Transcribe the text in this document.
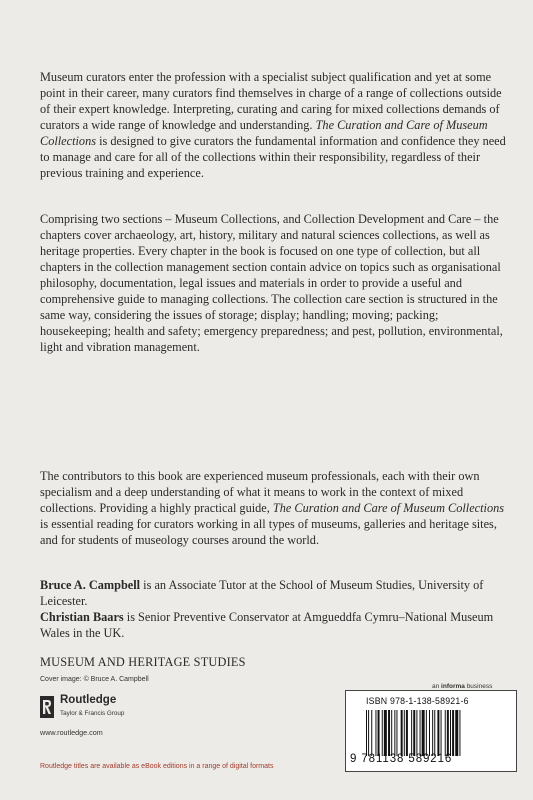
Museum curators enter the profession with a specialist subject qualification and yet at some point in their career, many curators find themselves in charge of a range of collections outside of their expert knowledge. Interpreting, curating and caring for mixed collections demands of curators a wide range of knowledge and understanding. The Curation and Care of Museum Collections is designed to give curators the fundamental information and confidence they need to manage and care for all of the collections within their responsibility, regardless of their previous training and experience.

Comprising two sections – Museum Collections, and Collection Development and Care – the chapters cover archaeology, art, history, military and natural sciences collections, as well as heritage properties. Every chapter in the book is focused on one type of collection, but all chapters in the collection management section contain advice on topics such as organisational philosophy, documentation, legal issues and materials in order to provide a useful and comprehensive guide to managing collections. The collection care section is structured in the same way, considering the issues of storage; display; handling; moving; packing; housekeeping; health and safety; emergency preparedness; and pest, pollution, environmental, light and vibration management.

The contributors to this book are experienced museum professionals, each with their own specialism and a deep understanding of what it means to work in the context of mixed collections. Providing a highly practical guide, The Curation and Care of Museum Collections is essential reading for curators working in all types of museums, galleries and heritage sites, and for students of museology courses around the world.

Bruce A. Campbell is an Associate Tutor at the School of Museum Studies, University of Leicester.

Christian Baars is Senior Preventive Conservator at Amgueddfa Cymru–National Museum Wales in the UK.

MUSEUM AND HERITAGE STUDIES
Cover image: © Bruce A. Campbell
Routledge
Taylor & Francis Group
www.routledge.com
Routledge titles are available as eBook editions in a range of digital formats
an informa business
ISBN 978-1-138-58921-6
9 781138 589216
